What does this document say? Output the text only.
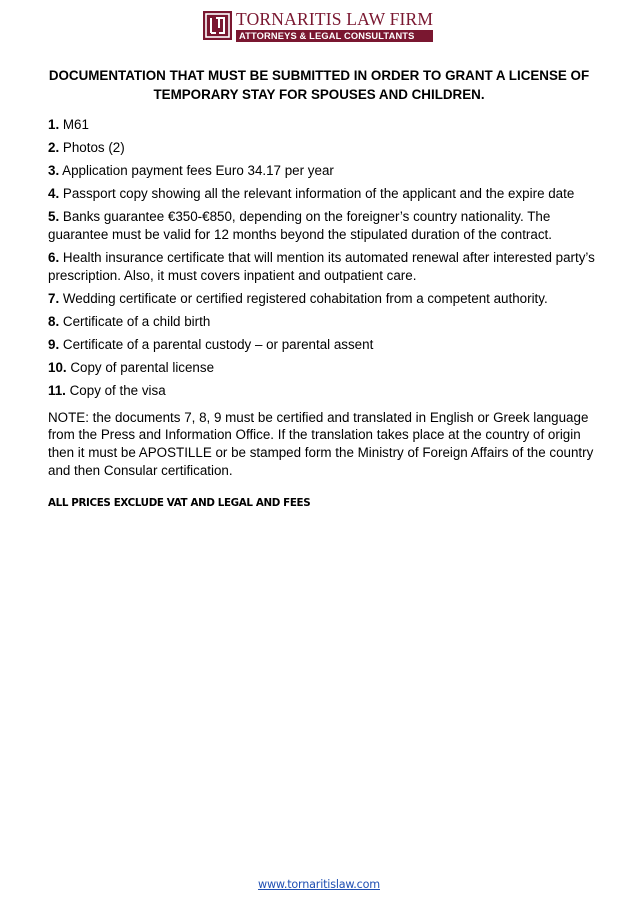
TORNARITIS LAW FIRM
ATTORNEYS & LEGAL CONSULTANTS
DOCUMENTATION THAT MUST BE SUBMITTED IN ORDER TO GRANT A LICENSE OF TEMPORARY STAY FOR SPOUSES AND CHILDREN.
1. M61
2. Photos (2)
3. Application payment fees Euro 34.17 per year
4. Passport copy showing all the relevant information of the applicant and the expire date
5. Banks guarantee €350-€850, depending on the foreigner’s country nationality. The guarantee must be valid for 12 months beyond the stipulated duration of the contract.
6. Health insurance certificate that will mention its automated renewal after interested party’s prescription. Also, it must covers inpatient and outpatient care.
7. Wedding certificate or certified registered cohabitation from a competent authority.
8. Certificate of a child birth
9. Certificate of a parental custody – or parental assent
10. Copy of parental license
11. Copy of the visa
NOTE: the documents 7, 8, 9 must be certified and translated in English or Greek language from the Press and Information Office. If the translation takes place at the country of origin then it must be APOSTILLE or be stamped form the Ministry of Foreign Affairs of the country and then Consular certification.
ALL PRICES EXCLUDE VAT AND LEGAL AND FEES
www.tornaritislaw.com
